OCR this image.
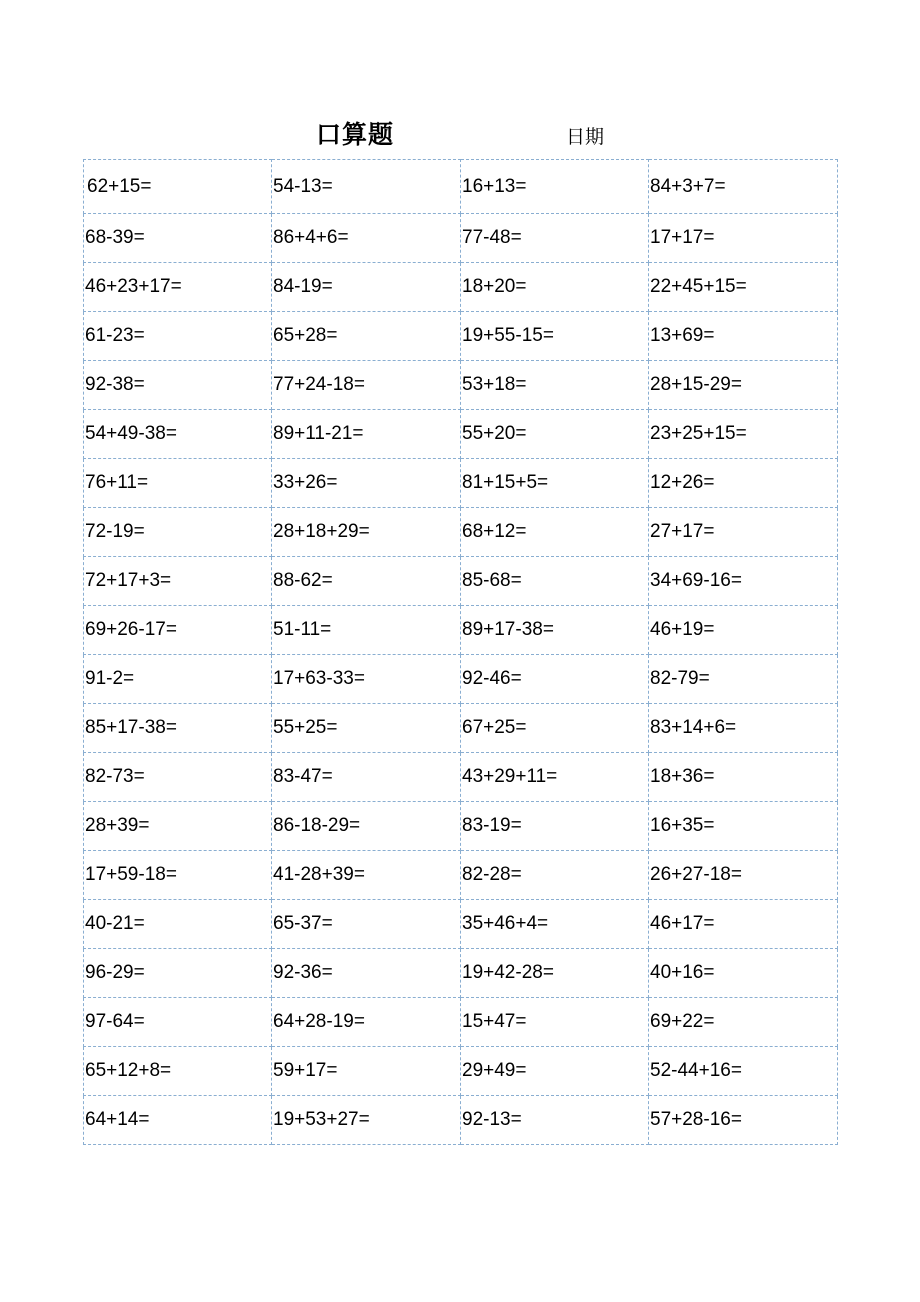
口算题	日期
62+15=	54-13=	16+13=	84+3+7=
68-39=	86+4+6=	77-48=	17+17=
46+23+17=	84-19=	18+20=	22+45+15=
61-23=	65+28=	19+55-15=	13+69=
92-38=	77+24-18=	53+18=	28+15-29=
54+49-38=	89+11-21=	55+20=	23+25+15=
76+11=	33+26=	81+15+5=	12+26=
72-19=	28+18+29=	68+12=	27+17=
72+17+3=	88-62=	85-68=	34+69-16=
69+26-17=	51-11=	89+17-38=	46+19=
91-2=	17+63-33=	92-46=	82-79=
85+17-38=	55+25=	67+25=	83+14+6=
82-73=	83-47=	43+29+11=	18+36=
28+39=	86-18-29=	83-19=	16+35=
17+59-18=	41-28+39=	82-28=	26+27-18=
40-21=	65-37=	35+46+4=	46+17=
96-29=	92-36=	19+42-28=	40+16=
97-64=	64+28-19=	15+47=	69+22=
65+12+8=	59+17=	29+49=	52-44+16=
64+14=	19+53+27=	92-13=	57+28-16=
